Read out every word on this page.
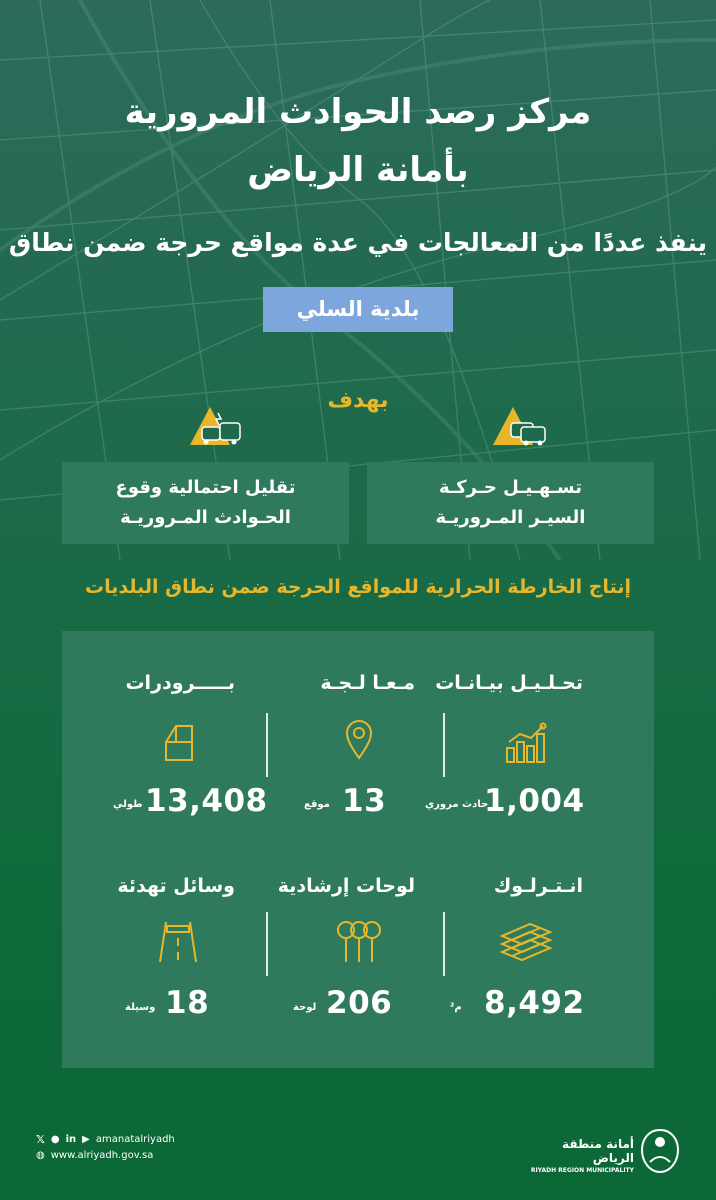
مركز رصد الحوادث المرورية
بأمانة الرياض
ينفذ عددًا من المعالجات في عدة مواقع حرجة ضمن نطاق
بلدية السلي
بهدف
تسـهـيـل حـركـة
السيـر المـروريـة
تقليل احتمالية وقوع
الحـوادث المـروريـة
إنتاج الخارطة الحرارية للمواقع الحرجة ضمن نطاق البلديات
تحـلـيـل بيـانـات
مـعـا لـجـة
بـــــرودرات
1,004
حادث مروري
13
موقع
13,408
طولي
انـتـرلـوك
لوحات إرشادية
وسائل تهدئة
8,492
م²
206
لوحة
18
وسيلة
𝕏 ● in ▶ amanatalriyadh
◍ www.alriyadh.gov.sa
أمانة منطقة الرياض
RIYADH REGION MUNICIPALITY
